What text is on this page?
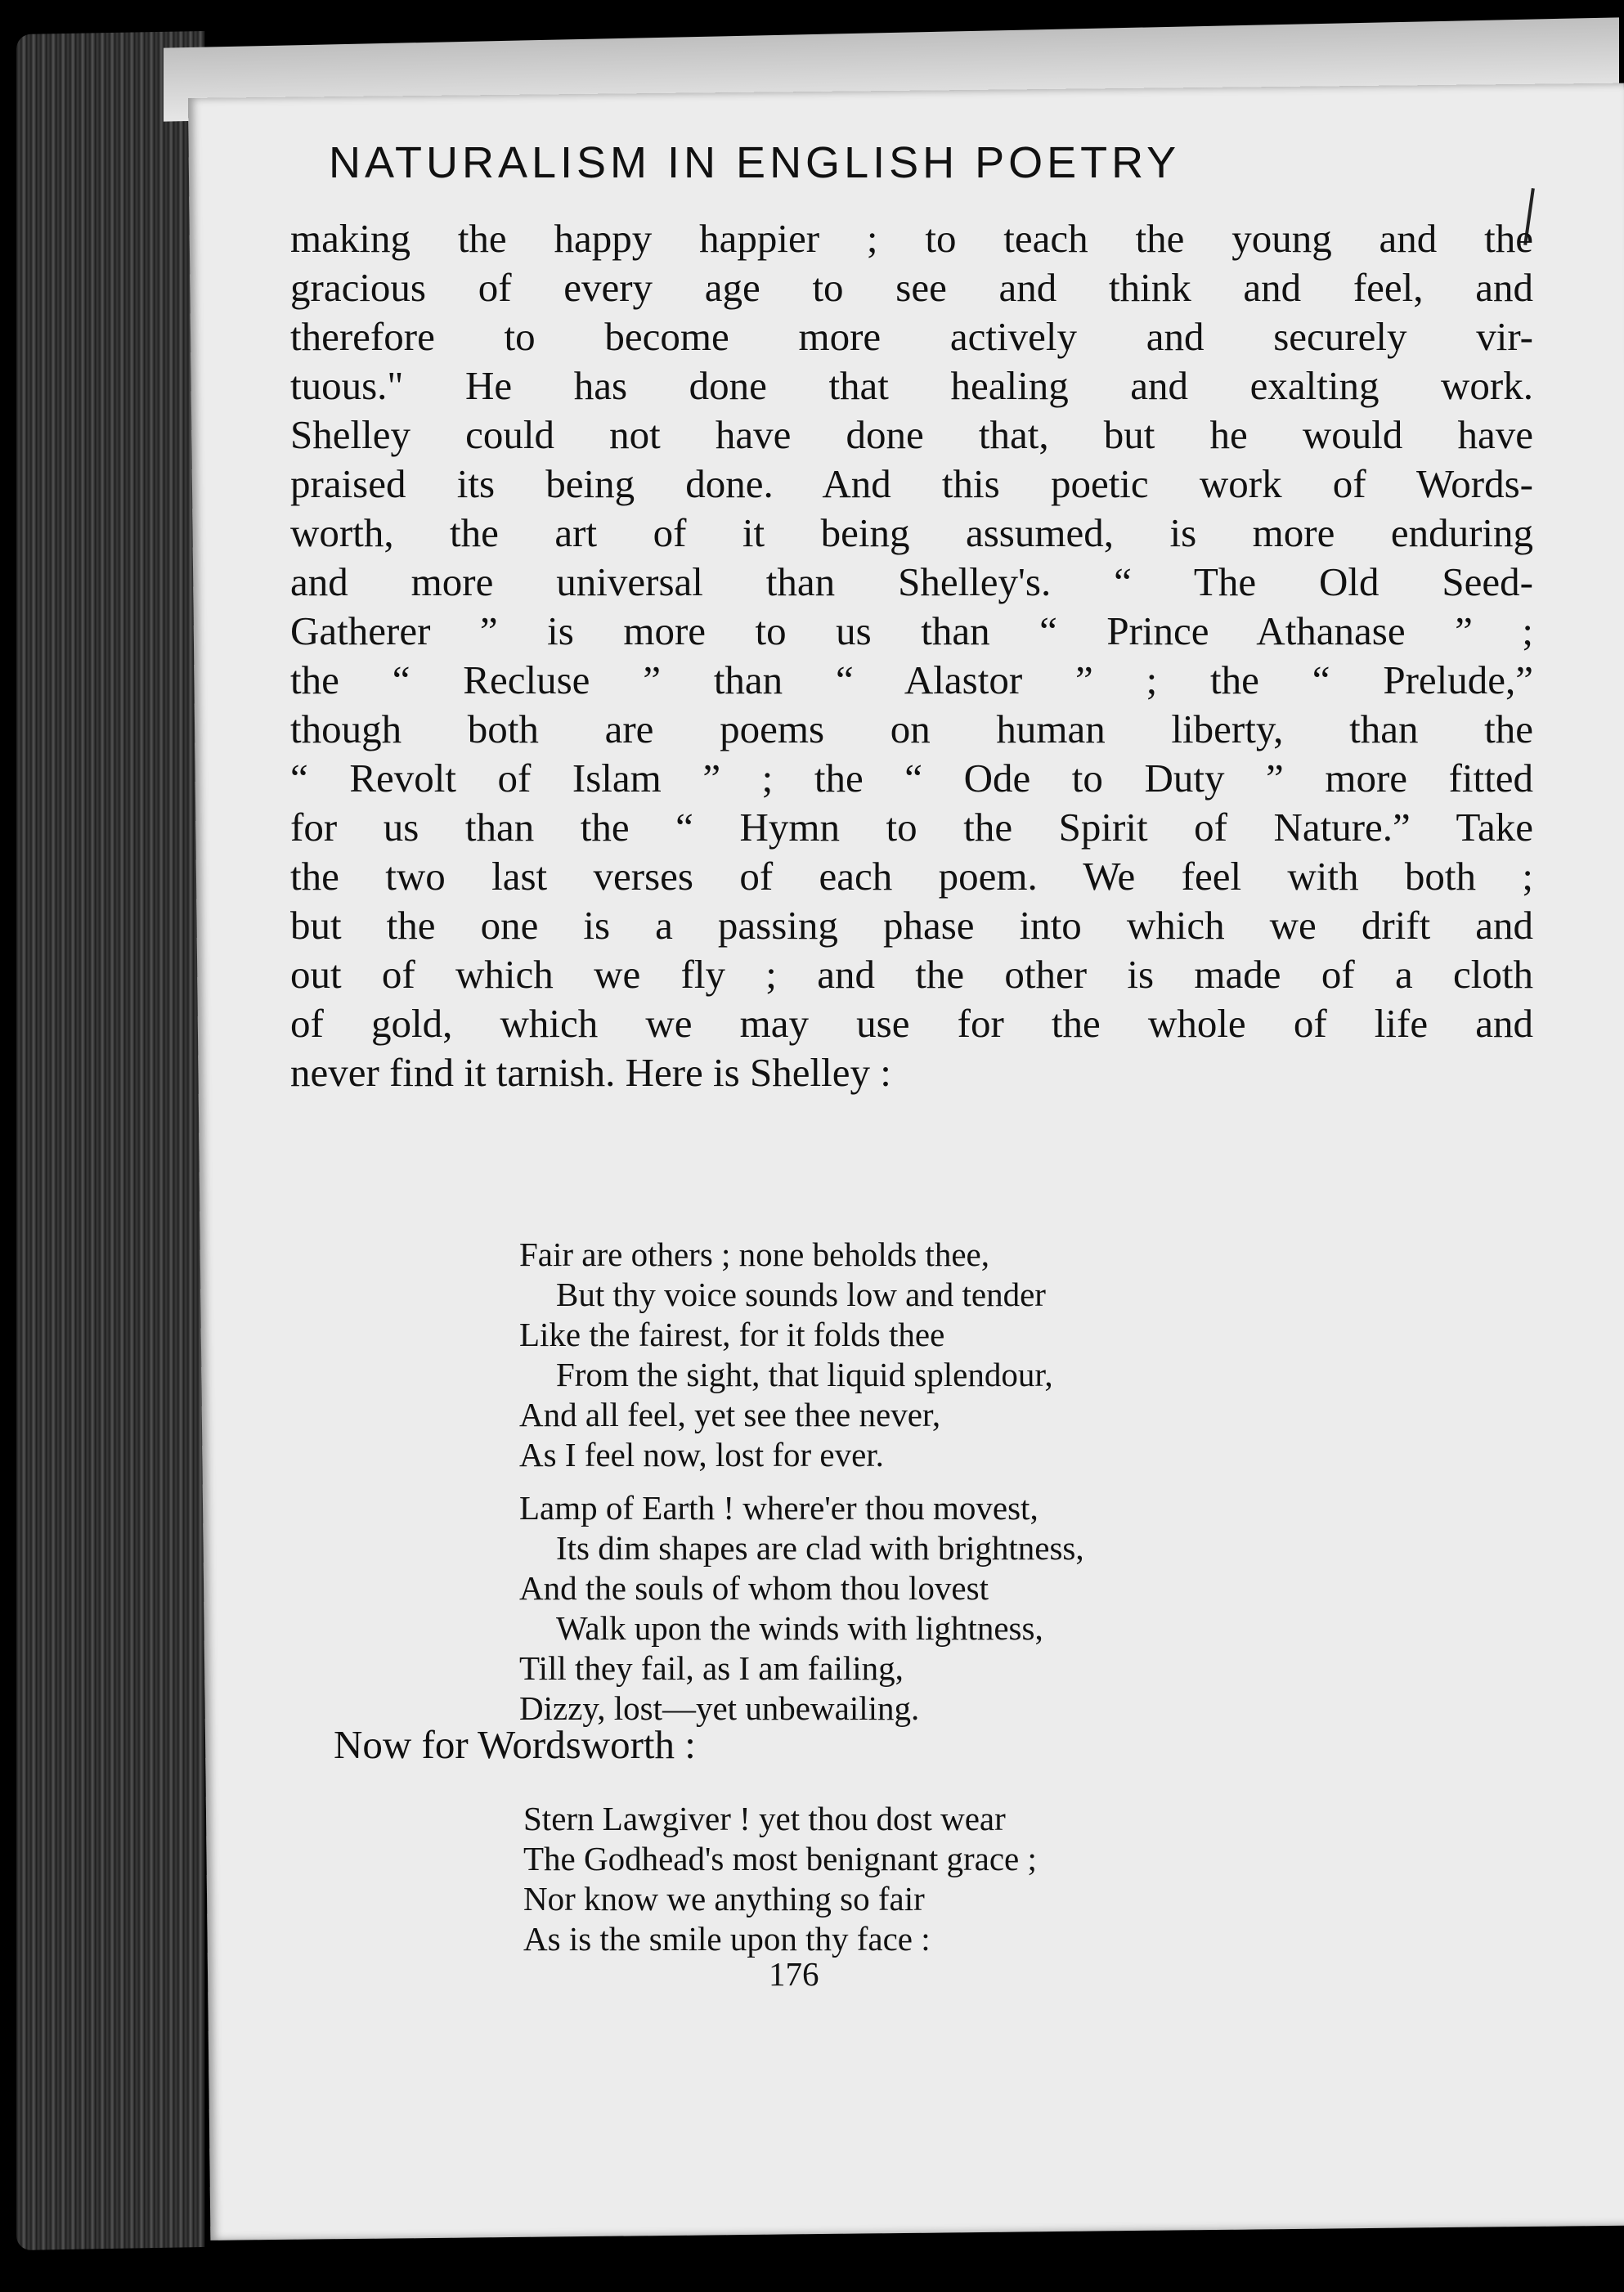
NATURALISM IN ENGLISH POETRY
making the happy happier ; to teach the young and the
gracious of every age to see and think and feel, and
therefore to become more actively and securely vir-
tuous." He has done that healing and exalting work.
Shelley could not have done that, but he would have
praised its being done. And this poetic work of Words-
worth, the art of it being assumed, is more enduring
and more universal than Shelley's. “ The Old Seed-
Gatherer ” is more to us than “ Prince Athanase ” ;
the “ Recluse ” than “ Alastor ” ; the “ Prelude,”
though both are poems on human liberty, than the
“ Revolt of Islam ” ; the “ Ode to Duty ” more fitted
for us than the “ Hymn to the Spirit of Nature.” Take
the two last verses of each poem. We feel with both ;
but the one is a passing phase into which we drift and
out of which we fly ; and the other is made of a cloth
of gold, which we may use for the whole of life and
never find it tarnish. Here is Shelley :
Fair are others ; none beholds thee,
But thy voice sounds low and tender
Like the fairest, for it folds thee
From the sight, that liquid splendour,
And all feel, yet see thee never,
As I feel now, lost for ever.
Lamp of Earth ! where'er thou movest,
Its dim shapes are clad with brightness,
And the souls of whom thou lovest
Walk upon the winds with lightness,
Till they fail, as I am failing,
Dizzy, lost—yet unbewailing.
Now for Wordsworth :
Stern Lawgiver ! yet thou dost wear
The Godhead's most benignant grace ;
Nor know we anything so fair
As is the smile upon thy face :
176
